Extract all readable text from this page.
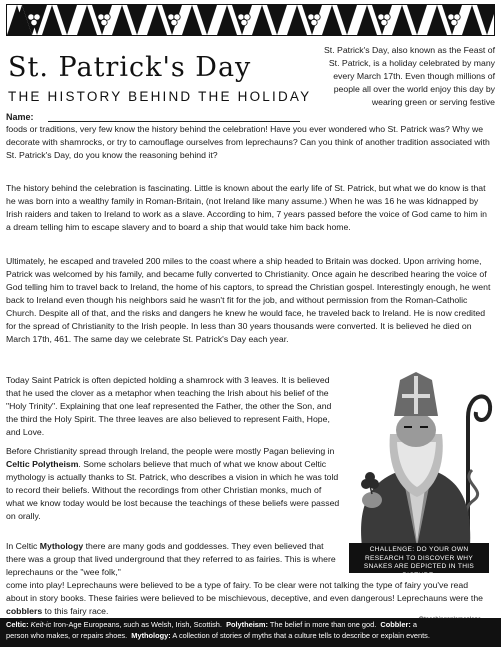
St. Patrick's Day
THE HISTORY BEHIND THE HOLIDAY
Name:
St. Patrick's Day, also known as the Feast of St. Patrick, is a holiday celebrated by many every March 17th. Even though millions of people all over the world enjoy this day by wearing green or serving festive
foods or traditions, very few know the history behind the celebration! Have you ever wondered who St. Patrick was? Why we decorate with shamrocks, or try to camouflage ourselves from leprechauns? Can you think of another tradition associated with St. Patrick's Day, do you know the reasoning behind it?
The history behind the celebration is fascinating. Little is known about the early life of St. Patrick, but what we do know is that he was born into a wealthy family in Roman-Britain, (not Ireland like many assume.) When he was 16 he was kidnapped by Irish raiders and taken to Ireland to work as a slave. According to him, 7 years passed before the voice of God came to him in a dream telling him to escape slavery and to board a ship that would take him back home.
Ultimately, he escaped and traveled 200 miles to the coast where a ship headed to Britain was docked. Upon arriving home, Patrick was welcomed by his family, and became fully converted to Christianity. Once again he described hearing the voice of God telling him to travel back to Ireland, the home of his captors, to spread the Christian gospel. Interestingly enough, he went back to Ireland even though his neighbors said he wasn't fit for the job, and without permission from the Roman-Catholic Church. Despite all of that, and the risks and dangers he knew he would face, he traveled back to Ireland. He is now credited for the spread of Christianity to the Irish people. In less than 30 years thousands were converted. It is believed he died on March 17th, 461. The same day we celebrate St. Patrick's Day each year.
Today Saint Patrick is often depicted holding a shamrock with 3 leaves. It is believed that he used the clover as a metaphor when teaching the Irish about his belief of the "Holy Trinity". Explaining that one leaf represented the Father, the other the Son, and the third the Holy Spirit. The three leaves are also believed to represent Faith, Hope, and Love.
Before Christianity spread through Ireland, the people were mostly Pagan believing in Celtic Polytheism. Some scholars believe that much of what we know about Celtic mythology is actually thanks to St. Patrick, who describes a vision in which he was told to record their beliefs. Without the recordings from other Christian monks, much of what we know today would be lost because the teachings of these beliefs were passed on orally.
In Celtic Mythology there are many gods and goddesses. They even believed that there was a group that lived underground that they referred to as fairies. This is where leprechauns or the "wee folk,"
come into play! Leprechauns were believed to be a type of fairy. To be clear were not talking the type of fairy you've read about in story books. These fairies were believed to be mischievous, deceptive, and even dangerous! Leprechauns were the cobblers to this fairy race.
CHALLENGE: DO YOUR OWN RESEARCH TO DISCOVER WHY SNAKES ARE DEPICTED IN THIS PICTURE.
Celtic: Keit-ic Iron-Age Europeans, such as Welsh, Irish, Scottish. Polytheism: The belief in more than one god. Cobbler: a
person who makes, or repairs shoes. Mythology: A collection of stories of myths that a culture tells to describe or explain events.
